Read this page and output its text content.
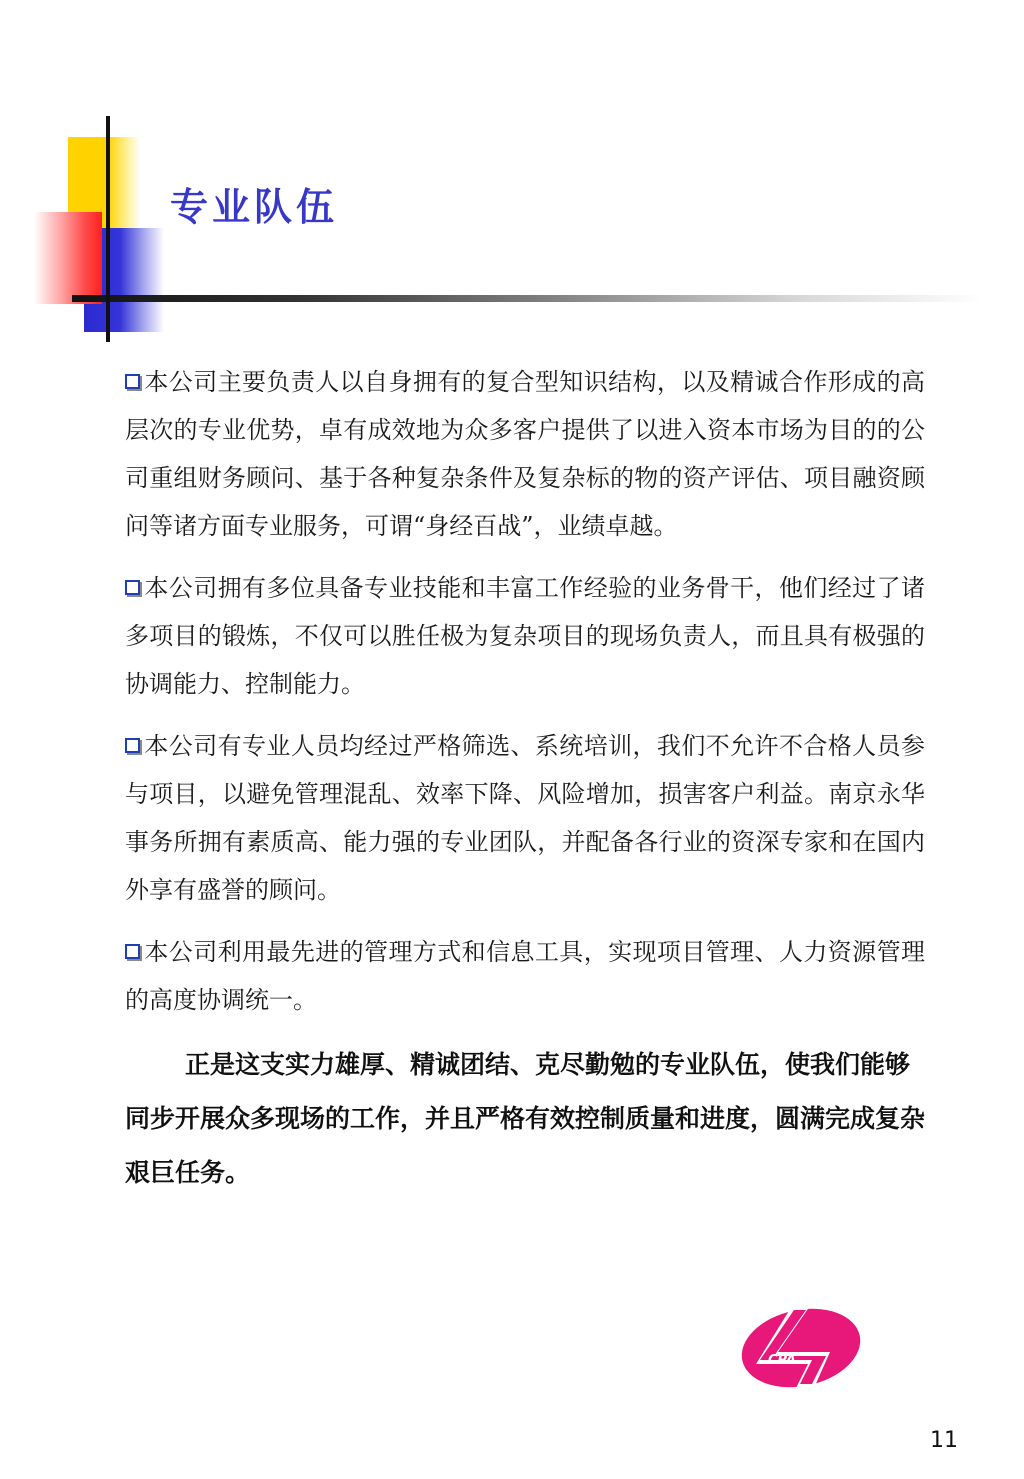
专业队伍

本公司主要负责人以自身拥有的复合型知识结构，以及精诚合作形成的高层次的专业优势，卓有成效地为众多客户提供了以进入资本市场为目的的公司重组财务顾问、基于各种复杂条件及复杂标的物的资产评估、项目融资顾问等诸方面专业服务，可谓“身经百战”，业绩卓越。

本公司拥有多位具备专业技能和丰富工作经验的业务骨干，他们经过了诸多项目的锻炼，不仅可以胜任极为复杂项目的现场负责人，而且具有极强的协调能力、控制能力。

本公司有专业人员均经过严格筛选、系统培训，我们不允许不合格人员参与项目，以避免管理混乱、效率下降、风险增加，损害客户利益。南京永华事务所拥有素质高、能力强的专业团队，并配备各行业的资深专家和在国内外享有盛誉的顾问。

本公司利用最先进的管理方式和信息工具，实现项目管理、人力资源管理的高度协调统一。

正是这支实力雄厚、精诚团结、克尽勤勉的专业队伍，使我们能够同步开展众多现场的工作，并且严格有效控制质量和进度，圆满完成复杂艰巨任务。

CPA
11
